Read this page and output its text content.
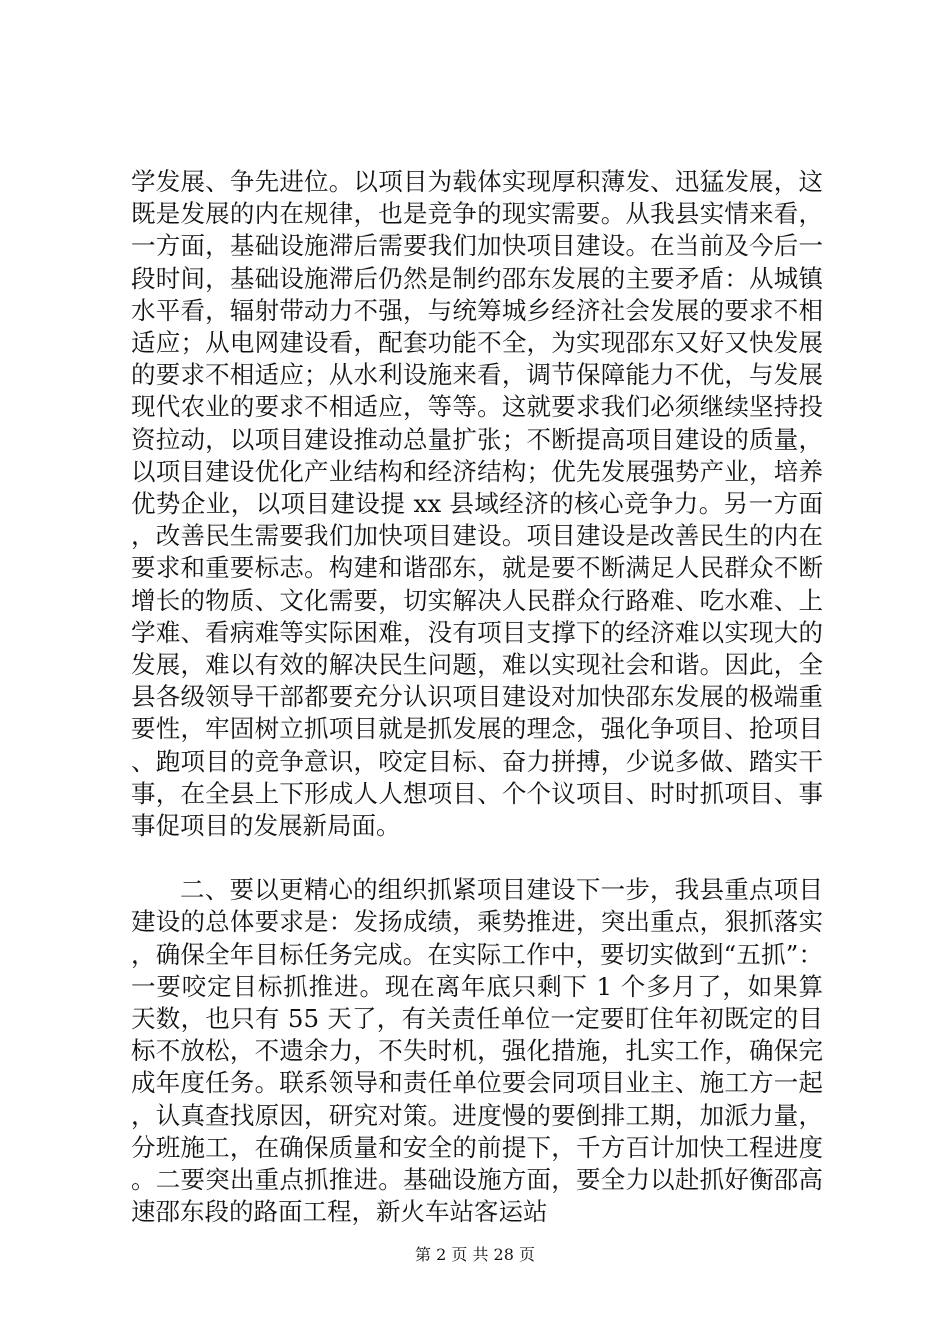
学发展、争先进位。以项目为载体实现厚积薄发、迅猛发展，这既是发展的内在规律，也是竞争的现实需要。从我县实情来看，一方面，基础设施滞后需要我们加快项目建设。在当前及今后一段时间，基础设施滞后仍然是制约邵东发展的主要矛盾：从城镇水平看，辐射带动力不强，与统筹城乡经济社会发展的要求不相适应；从电网建设看，配套功能不全，为实现邵东又好又快发展的要求不相适应；从水利设施来看，调节保障能力不优，与发展现代农业的要求不相适应，等等。这就要求我们必须继续坚持投资拉动，以项目建设推动总量扩张；不断提高项目建设的质量，以项目建设优化产业结构和经济结构；优先发展强势产业，培养优势企业，以项目建设提 xx 县域经济的核心竞争力。另一方面，改善民生需要我们加快项目建设。项目建设是改善民生的内在要求和重要标志。构建和谐邵东，就是要不断满足人民群众不断增长的物质、文化需要，切实解决人民群众行路难、吃水难、上学难、看病难等实际困难，没有项目支撑下的经济难以实现大的发展，难以有效的解决民生问题，难以实现社会和谐。因此，全县各级领导干部都要充分认识项目建设对加快邵东发展的极端重要性，牢固树立抓项目就是抓发展的理念，强化争项目、抢项目、跑项目的竞争意识，咬定目标、奋力拼搏，少说多做、踏实干事，在全县上下形成人人想项目、个个议项目、时时抓项目、事事促项目的发展新局面。

二、要以更精心的组织抓紧项目建设下一步，我县重点项目建设的总体要求是：发扬成绩，乘势推进，突出重点，狠抓落实，确保全年目标任务完成。在实际工作中，要切实做到“五抓”：一要咬定目标抓推进。现在离年底只剩下 1 个多月了，如果算天数，也只有 55 天了，有关责任单位一定要盯住年初既定的目标不放松，不遗余力，不失时机，强化措施，扎实工作，确保完成年度任务。联系领导和责任单位要会同项目业主、施工方一起，认真查找原因，研究对策。进度慢的要倒排工期，加派力量，分班施工，在确保质量和安全的前提下，千方百计加快工程进度。二要突出重点抓推进。基础设施方面，要全力以赴抓好衡邵高速邵东段的路面工程，新火车站客运站

第 2 页 共 28 页
